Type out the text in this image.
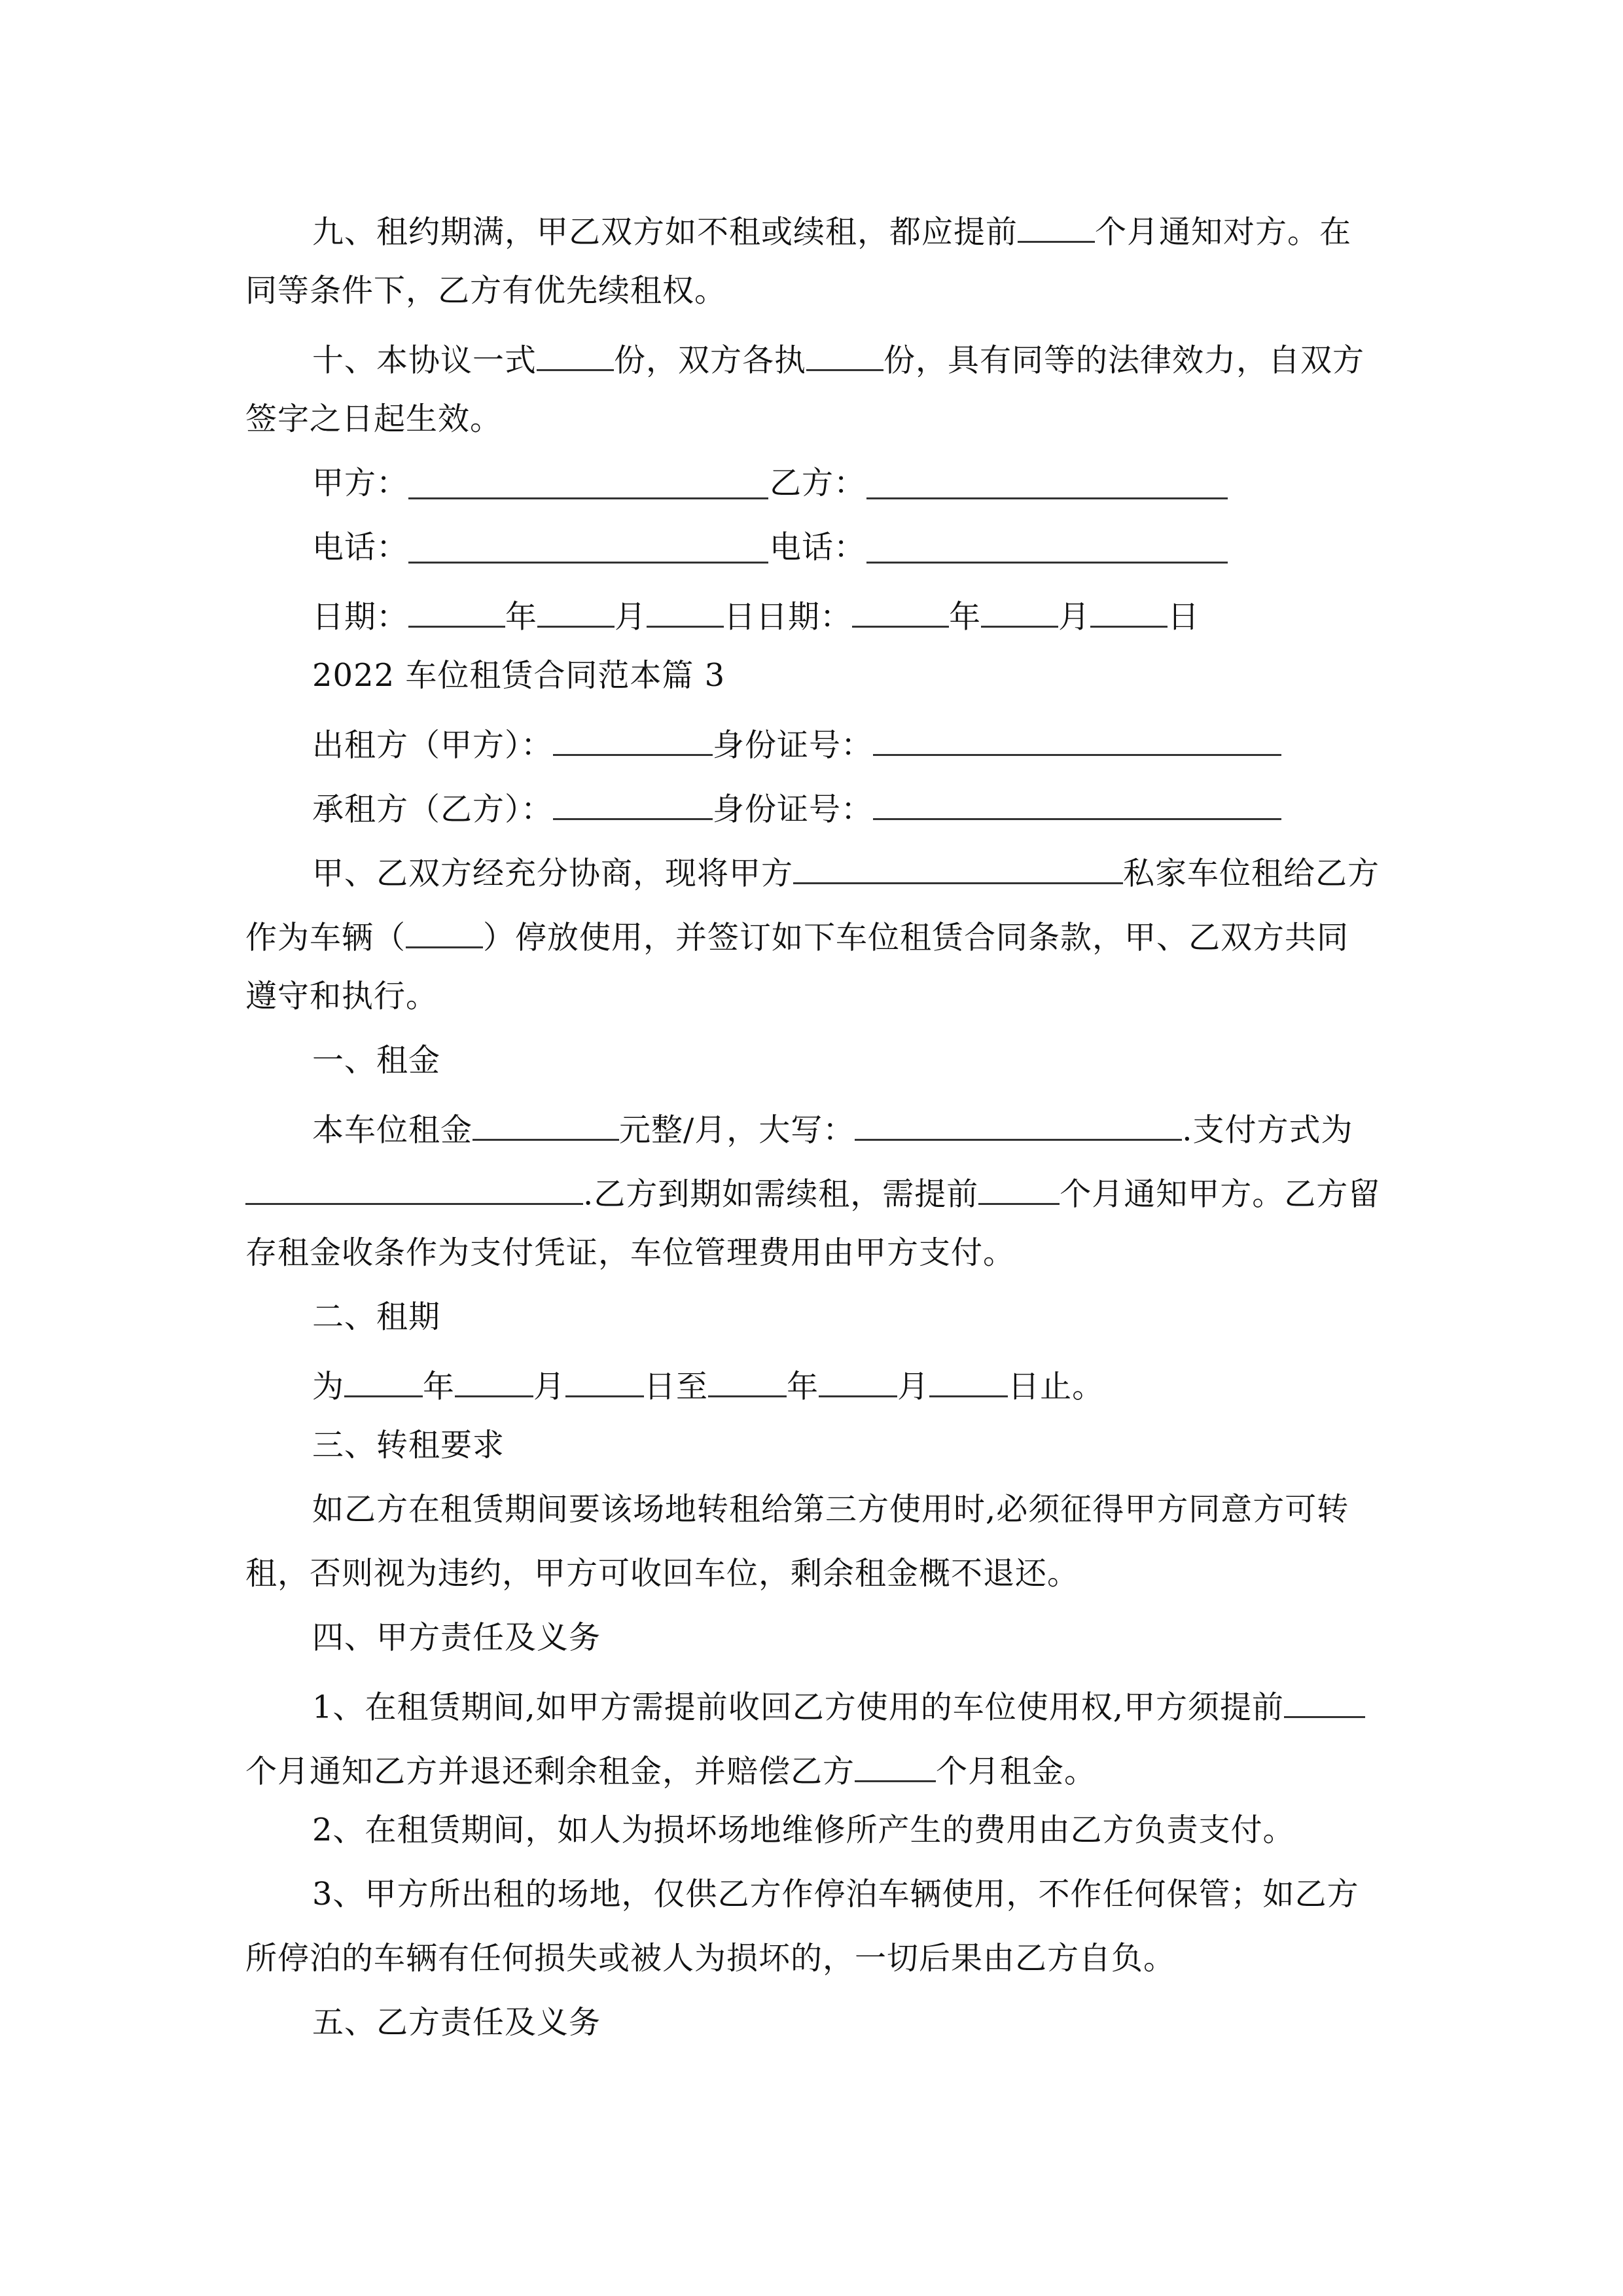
九、租约期满，甲乙双方如不租或续租，都应提前 个月通知对方。在
同等条件下，乙方有优先续租权。
十、本协议一式 份，双方各执 份，具有同等的法律效力，自双方
签字之日起生效。
甲方：	乙方：
电话：	电话：
日期：	年 月 日日期：	年 月 日
2022 车位租赁合同范本篇 3
出租方（甲方）：	身份证号：
承租方（乙方）：	身份证号：
甲、乙双方经充分协商，现将甲方	私家车位租给乙方
作为车辆（ ）停放使用，并签订如下车位租赁合同条款，甲、乙双方共同
遵守和执行。
一、租金
本车位租金	元整/月，大写：	.支付方式为
.乙方到期如需续租，需提前	个月通知甲方。乙方留
存租金收条作为支付凭证，车位管理费用由甲方支付。
二、租期
为	年	月	日至	年	月	日止。
三、转租要求
如乙方在租赁期间要该场地转租给第三方使用时,必须征得甲方同意方可转
租，否则视为违约，甲方可收回车位，剩余租金概不退还。
四、甲方责任及义务
1、在租赁期间,如甲方需提前收回乙方使用的车位使用权,甲方须提前
个月通知乙方并退还剩余租金，并赔偿乙方	个月租金。
2、在租赁期间，如人为损坏场地维修所产生的费用由乙方负责支付。
3、甲方所出租的场地，仅供乙方作停泊车辆使用，不作任何保管；如乙方
所停泊的车辆有任何损失或被人为损坏的，一切后果由乙方自负。
五、乙方责任及义务
